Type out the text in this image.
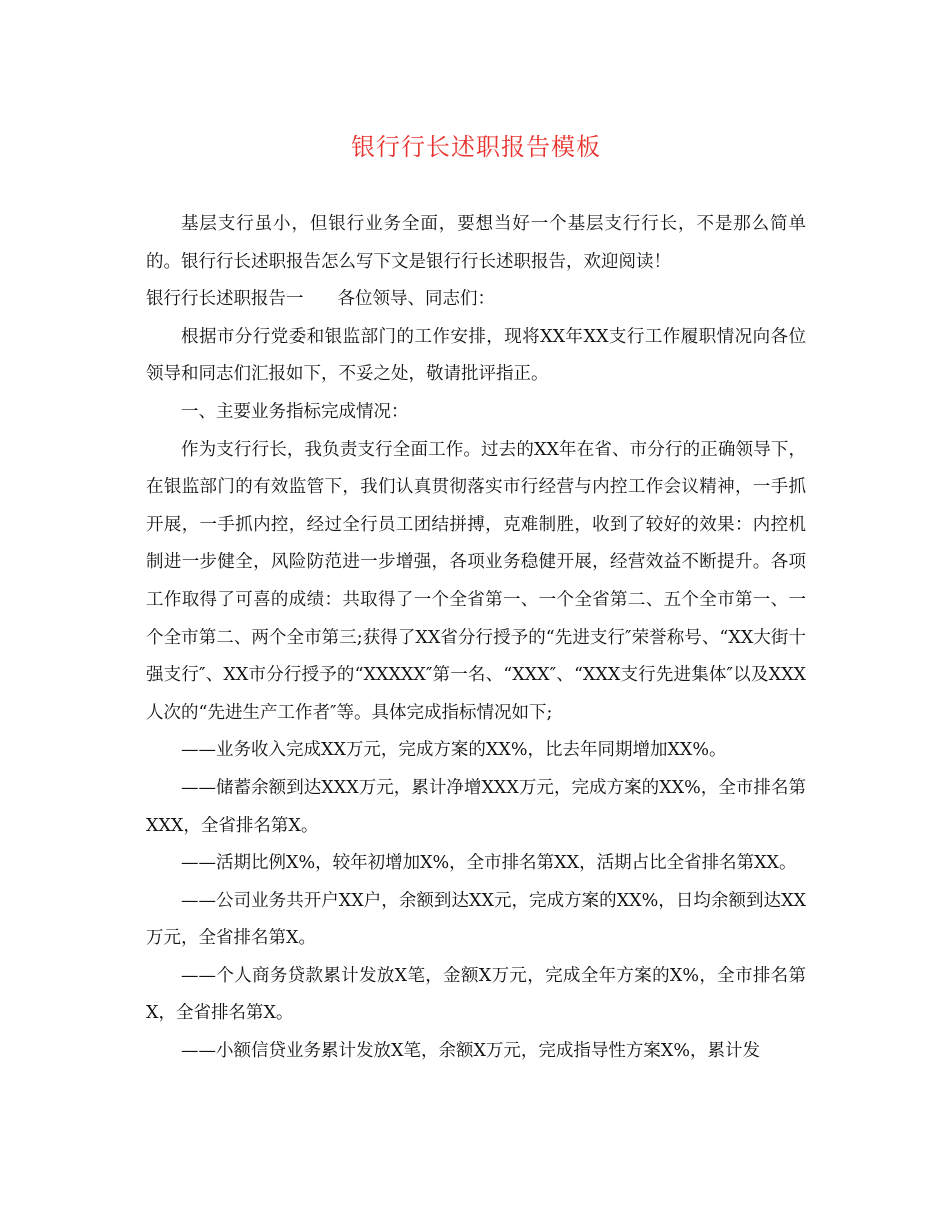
银行行长述职报告模板

基层支行虽小，但银行业务全面，要想当好一个基层支行行长，不是那么简单的。银行行长述职报告怎么写下文是银行行长述职报告，欢迎阅读！

银行行长述职报告一 各位领导、同志们：

根据市分行党委和银监部门的工作安排，现将XX年XX支行工作履职情况向各位领导和同志们汇报如下，不妥之处，敬请批评指正。

一、主要业务指标完成情况：

作为支行行长，我负责支行全面工作。过去的XX年在省、市分行的正确领导下，在银监部门的有效监管下，我们认真贯彻落实市行经营与内控工作会议精神，一手抓开展，一手抓内控，经过全行员工团结拼搏，克难制胜，收到了较好的效果：内控机制进一步健全，风险防范进一步增强，各项业务稳健开展，经营效益不断提升。各项工作取得了可喜的成绩：共取得了一个全省第一、一个全省第二、五个全市第一、一个全市第二、两个全市第三;获得了XX省分行授予的“先进支行″荣誉称号、“XX大街十强支行″、XX市分行授予的“XXXXX″第一名、“XXX″、“XXX支行先进集体″以及XXX人次的“先进生产工作者″等。具体完成指标情况如下;

——业务收入完成XX万元，完成方案的XX%，比去年同期增加XX%。

——储蓄余额到达XXX万元，累计净增XXX万元，完成方案的XX%，全市排名第XXX，全省排名第X。

——活期比例X%，较年初增加X%，全市排名第XX，活期占比全省排名第XX。

——公司业务共开户XX户，余额到达XX元，完成方案的XX%，日均余额到达XX万元，全省排名第X。

——个人商务贷款累计发放X笔，金额X万元，完成全年方案的X%，全市排名第X，全省排名第X。

——小额信贷业务累计发放X笔，余额X万元，完成指导性方案X%，累计发
